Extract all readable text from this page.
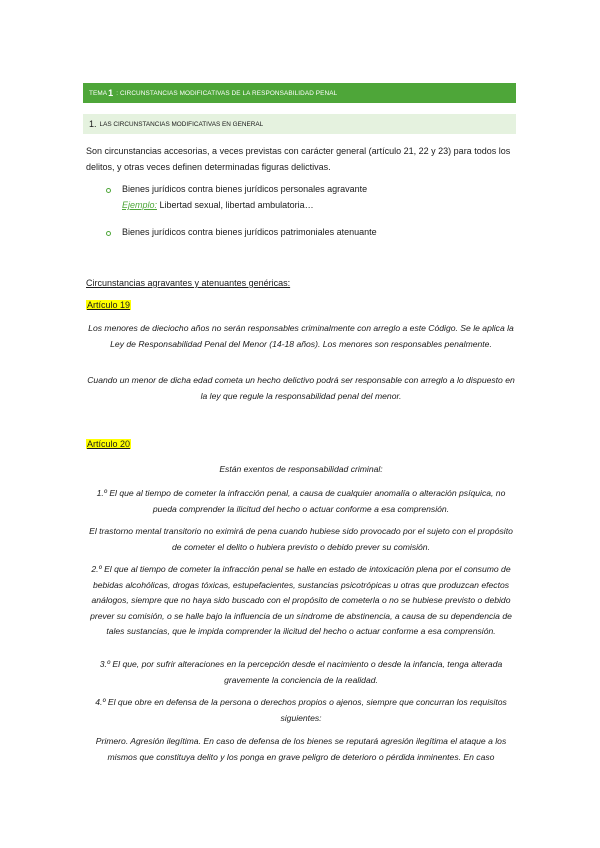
TEMA 1 : CIRCUNSTANCIAS MODIFICATIVAS DE LA RESPONSABILIDAD PENAL
1. LAS CIRCUNSTANCIAS MODIFICATIVAS EN GENERAL
Son circunstancias accesorias, a veces previstas con carácter general (artículo 21, 22 y 23) para todos los delitos, y otras veces definen determinadas figuras delictivas.
Bienes jurídicos contra bienes jurídicos personales agravante
Ejemplo: Libertad sexual, libertad ambulatoria…
Bienes jurídicos contra bienes jurídicos patrimoniales atenuante
Circunstancias agravantes y atenuantes genéricas:
Artículo 19
Los menores de dieciocho años no serán responsables criminalmente con arreglo a este Código. Se le aplica la Ley de Responsabilidad Penal del Menor (14-18 años). Los menores son responsables penalmente.
Cuando un menor de dicha edad cometa un hecho delictivo podrá ser responsable con arreglo a lo dispuesto en la ley que regule la responsabilidad penal del menor.
Artículo 20
Están exentos de responsabilidad criminal:
1.º El que al tiempo de cometer la infracción penal, a causa de cualquier anomalía o alteración psíquica, no pueda comprender la ilicitud del hecho o actuar conforme a esa comprensión.
El trastorno mental transitorio no eximirá de pena cuando hubiese sido provocado por el sujeto con el propósito de cometer el delito o hubiera previsto o debido prever su comisión.
2.º El que al tiempo de cometer la infracción penal se halle en estado de intoxicación plena por el consumo de bebidas alcohólicas, drogas tóxicas, estupefacientes, sustancias psicotrópicas u otras que produzcan efectos análogos, siempre que no haya sido buscado con el propósito de cometerla o no se hubiese previsto o debido prever su comisión, o se halle bajo la influencia de un síndrome de abstinencia, a causa de su dependencia de tales sustancias, que le impida comprender la ilicitud del hecho o actuar conforme a esa comprensión.
3.º El que, por sufrir alteraciones en la percepción desde el nacimiento o desde la infancia, tenga alterada gravemente la conciencia de la realidad.
4.º El que obre en defensa de la persona o derechos propios o ajenos, siempre que concurran los requisitos siguientes:
Primero. Agresión ilegítima. En caso de defensa de los bienes se reputará agresión ilegítima el ataque a los mismos que constituya delito y los ponga en grave peligro de deterioro o pérdida inminentes. En caso
